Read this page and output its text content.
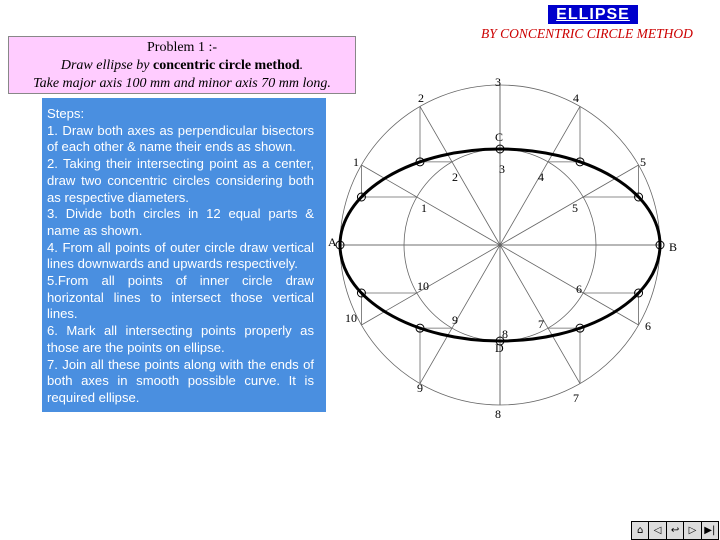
ELLIPSE
BY CONCENTRIC CIRCLE METHOD
Problem 1 :-
Draw ellipse by concentric circle method.
Take major axis 100 mm and minor axis 70 mm long.
Steps:
1. Draw both axes as perpendicular bisectors of each other & name their ends as shown.
2. Taking their intersecting point as a center, draw two concentric circles considering both as respective diameters.
3. Divide both circles in 12 equal parts & name as shown.
4. From all points of outer circle draw vertical lines downwards and upwards respectively.
5.From all points of inner circle draw horizontal lines to intersect those vertical lines.
6. Mark all intersecting points properly as those are the points on ellipse.
7. Join all these points along with the ends of both axes in smooth possible curve. It is required ellipse.
A	B
C
D
1
2
3
4
5
6
7
8
9
10
1
2
3
4
5
6
7
8
9
10
⌂	◁ ↩ ▷ ▶|
